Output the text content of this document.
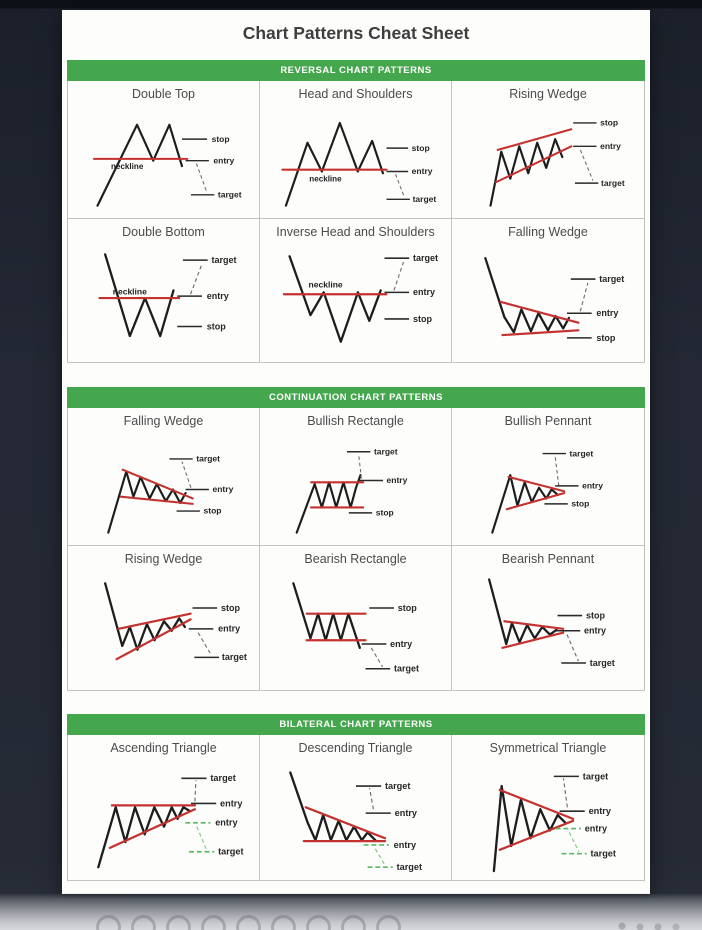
Chart Patterns Cheat Sheet
REVERSAL CHART PATTERNS
Double Top
neckline
stop
entry
target
Head and Shoulders
neckline
stop
entry
target
Rising Wedge
stop
entry
target
Double Bottom
neckline
target
entry
stop
Inverse Head and Shoulders
neckline
target
entry
stop
Falling Wedge
target
entry
stop
CONTINUATION CHART PATTERNS
Falling Wedge
target
entry
stop
Bullish Rectangle
target
entry
stop
Bullish Pennant
target
entry
stop
Rising Wedge
stop
entry
target
Bearish Rectangle
stop
entry
target
Bearish Pennant
stop
entry
target
BILATERAL CHART PATTERNS
Ascending Triangle
target
entry
entry
target
Descending Triangle
target
entry
entry
target
Symmetrical Triangle
target
entry
entry
target
